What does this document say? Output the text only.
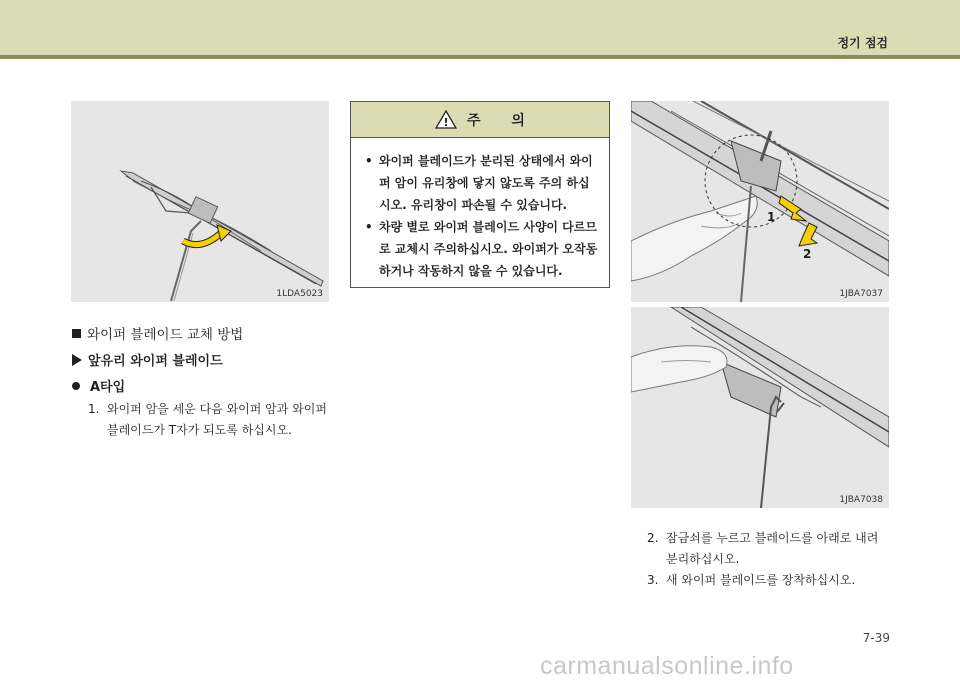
정기 점검
1LDA5023
와이퍼 블레이드 교체 방법
앞유리 와이퍼 블레이드
A타입
1. 와이퍼 암을 세운 다음 와이퍼 암과 와이퍼 블레이드가 T자가 되도록 하십시오.
! 주 의
• 와이퍼 블레이드가 분리된 상태에서 와이퍼 암이 유리창에 닿지 않도록 주의 하십시오. 유리창이 파손될 수 있습니다.
• 차량 별로 와이퍼 블레이드 사양이 다르므로 교체시 주의하십시오. 와이퍼가 오작동하거나 작동하지 않을 수 있습니다.
1
2
1JBA7037
1JBA7038
2. 잠금쇠를 누르고 블레이드를 아래로 내려 분리하십시오.
3. 새 와이퍼 블레이드를 장착하십시오.
7-39
carmanualsonline.info
